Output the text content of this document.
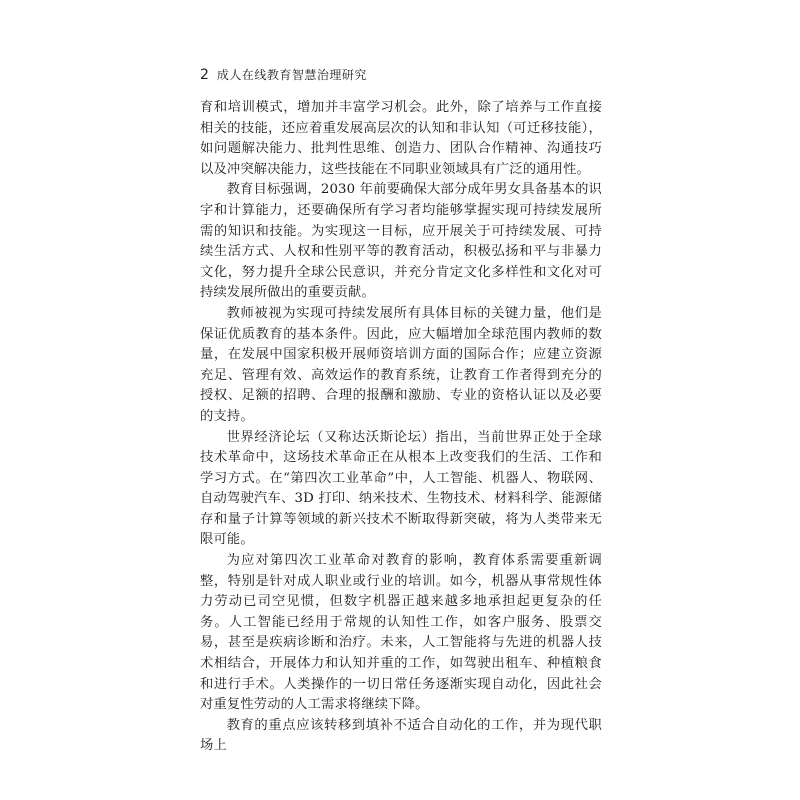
2 成人在线教育智慧治理研究

育和培训模式，增加并丰富学习机会。此外，除了培养与工作直接相关的技能，还应着重发展高层次的认知和非认知（可迁移技能），如问题解决能力、批判性思维、创造力、团队合作精神、沟通技巧以及冲突解决能力，这些技能在不同职业领域具有广泛的通用性。

教育目标强调，2030 年前要确保大部分成年男女具备基本的识字和计算能力，还要确保所有学习者均能够掌握实现可持续发展所需的知识和技能。为实现这一目标，应开展关于可持续发展、可持续生活方式、人权和性别平等的教育活动，积极弘扬和平与非暴力文化，努力提升全球公民意识，并充分肯定文化多样性和文化对可持续发展所做出的重要贡献。

教师被视为实现可持续发展所有具体目标的关键力量，他们是保证优质教育的基本条件。因此，应大幅增加全球范围内教师的数量，在发展中国家积极开展师资培训方面的国际合作；应建立资源充足、管理有效、高效运作的教育系统，让教育工作者得到充分的授权、足额的招聘、合理的报酬和激励、专业的资格认证以及必要的支持。

世界经济论坛（又称达沃斯论坛）指出，当前世界正处于全球技术革命中，这场技术革命正在从根本上改变我们的生活、工作和学习方式。在“第四次工业革命”中，人工智能、机器人、物联网、自动驾驶汽车、3D 打印、纳米技术、生物技术、材料科学、能源储存和量子计算等领域的新兴技术不断取得新突破，将为人类带来无限可能。

为应对第四次工业革命对教育的影响，教育体系需要重新调整，特别是针对成人职业或行业的培训。如今，机器从事常规性体力劳动已司空见惯，但数字机器正越来越多地承担起更复杂的任务。人工智能已经用于常规的认知性工作，如客户服务、股票交易，甚至是疾病诊断和治疗。未来，人工智能将与先进的机器人技术相结合，开展体力和认知并重的工作，如驾驶出租车、种植粮食和进行手术。人类操作的一切日常任务逐渐实现自动化，因此社会对重复性劳动的人工需求将继续下降。

教育的重点应该转移到填补不适合自动化的工作，并为现代职场上
